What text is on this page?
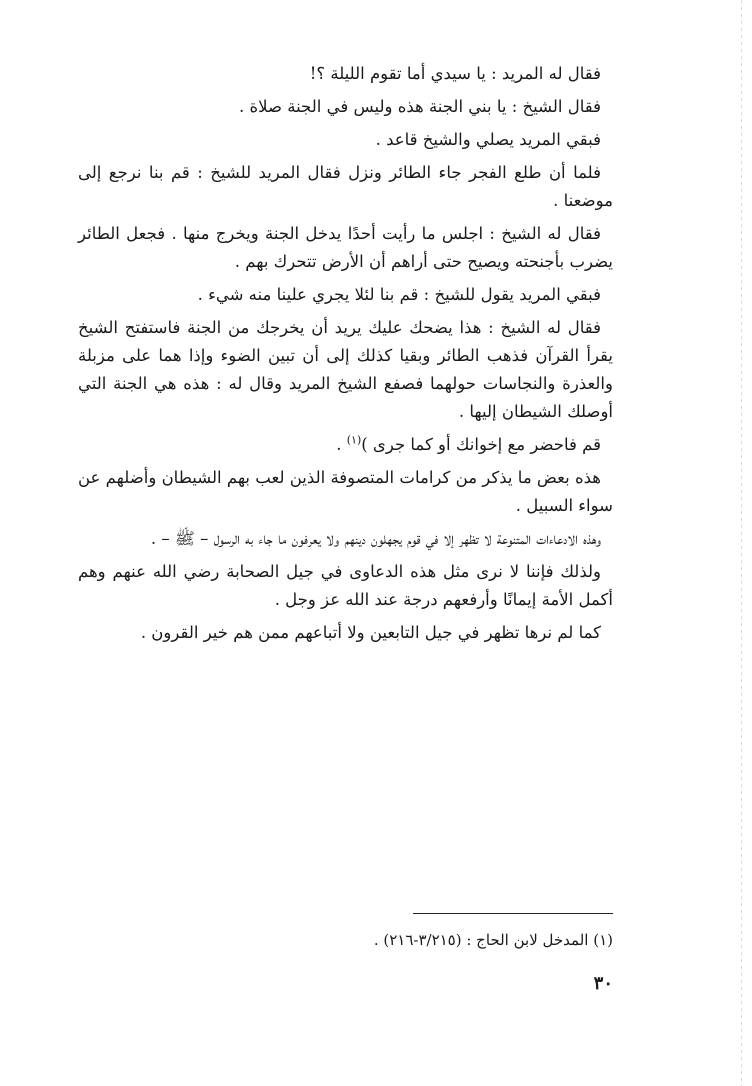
فقال له المريد : يا سيدي أما تقوم الليلة ؟!

فقال الشيخ : يا بني الجنة هذه وليس في الجنة صلاة .

فبقي المريد يصلي والشيخ قاعد .

فلما أن طلع الفجر جاء الطائر ونزل فقال المريد للشيخ : قم بنا نرجع إلى موضعنا .

فقال له الشيخ : اجلس ما رأيت أحدًا يدخل الجنة ويخرج منها . فجعل الطائر يضرب بأجنحته ويصيح حتى أراهم أن الأرض تتحرك بهم .

فبقي المريد يقول للشيخ : قم بنا لئلا يجري علينا منه شيء .

فقال له الشيخ : هذا يضحك عليك يريد أن يخرجك من الجنة فاستفتح الشيخ يقرأ القرآن فذهب الطائر وبقيا كذلك إلى أن تبين الضوء وإذا هما على مزبلة والعذرة والنجاسات حولهما فصفع الشيخ المريد وقال له : هذه هي الجنة التي أوصلك الشيطان إليها .

قم فاحضر مع إخوانك أو كما جرى )$^{(١)}$ .

هذه بعض ما يذكر من كرامات المتصوفة الذين لعب بهم الشيطان وأضلهم عن سواء السبيل .

وهذه الادعاءات المتنوعة لا تظهر إلا في قوم يجهلون دينهم ولا يعرفون ما جاء به الرسول – ﷺ – .

ولذلك فإننا لا نرى مثل هذه الدعاوى في جيل الصحابة رضي الله عنهم وهم أكمل الأمة إيمانًا وأرفعهم درجة عند الله عز وجل .

كما لم نرها تظهر في جيل التابعين ولا أتباعهم ممن هم خير القرون .

(١) المدخل لابن الحاج : (٣/٢١٥-٢١٦) .
٣٠
